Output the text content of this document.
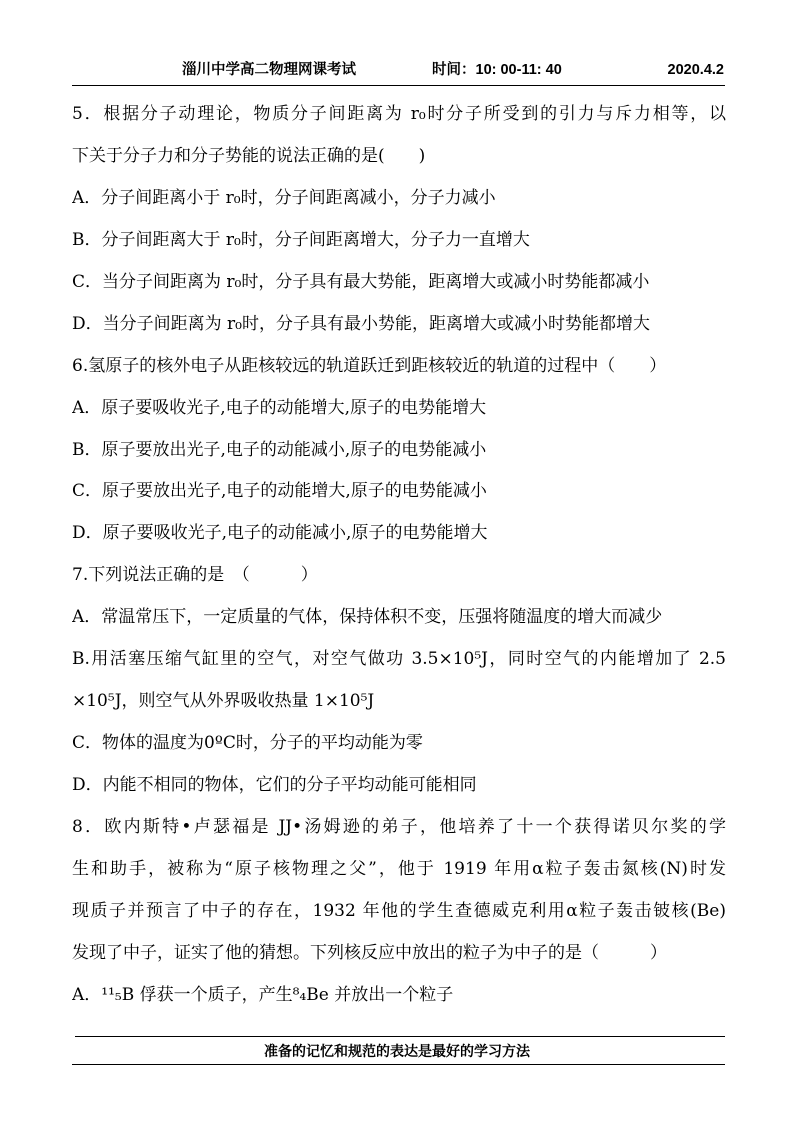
淄川中学高二物理网课考试	时间：10: 00-11: 40	2020.4.2
5．根据分子动理论，物质分子间距离为 r₀时分子所受到的引力与斥力相等，以
下关于分子力和分子势能的说法正确的是(　　)
A．分子间距离小于 r₀时，分子间距离减小，分子力减小
B．分子间距离大于 r₀时，分子间距离增大，分子力一直增大
C．当分子间距离为 r₀时，分子具有最大势能，距离增大或减小时势能都减小
D．当分子间距离为 r₀时，分子具有最小势能，距离增大或减小时势能都增大
6.氢原子的核外电子从距核较远的轨道跃迁到距核较近的轨道的过程中（　　）
A．原子要吸收光子,电子的动能增大,原子的电势能增大
B．原子要放出光子,电子的动能减小,原子的电势能减小
C．原子要放出光子,电子的动能增大,原子的电势能减小
D．原子要吸收光子,电子的动能减小,原子的电势能增大
7.下列说法正确的是　（　　　）
A．常温常压下，一定质量的气体，保持体积不变，压强将随温度的增大而减少
B.用活塞压缩气缸里的空气，对空气做功 3.5×10⁵J，同时空气的内能增加了 2.5
×10⁵J，则空气从外界吸收热量 1×10⁵J
C．物体的温度为0ºC时，分子的平均动能为零
D．内能不相同的物体，它们的分子平均动能可能相同
8．欧内斯特•卢瑟福是 JJ•汤姆逊的弟子，他培养了十一个获得诺贝尔奖的学
生和助手，被称为“原子核物理之父”，他于 1919 年用α粒子轰击氮核(N)时发
现质子并预言了中子的存在，1932 年他的学生查德威克利用α粒子轰击铍核(Be)
发现了中子，证实了他的猜想。下列核反应中放出的粒子为中子的是（　　　）
A．¹¹₅B 俘获一个质子，产生⁸₄Be 并放出一个粒子
准备的记忆和规范的表达是最好的学习方法
